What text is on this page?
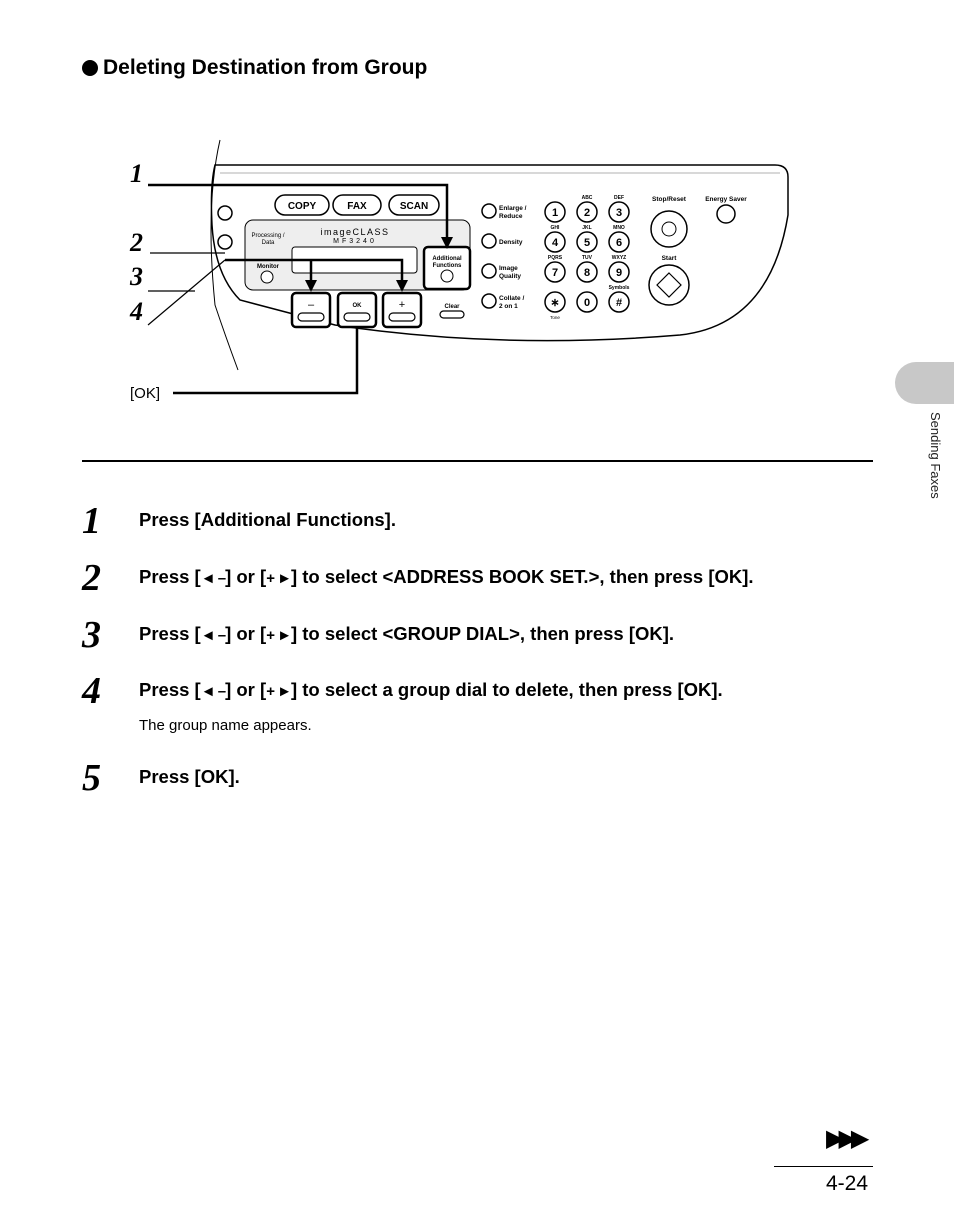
Deleting Destination from Group
COPY	FAX	SCAN
imageCLASS
MF3240
Processing /
Data
Monitor
Additional
Functions
–	OK	+	Clear
Enlarge /
Reduce
Density
Image
Quality
Collate /
2 on 1
1 2
ABC
3
DEF
4
GHI
5
JKL
6
MNO
7
PQRS
8
TUV
9
WXYZ
∗ 0 #
Symbols
Tone
Stop/Reset	Energy Saver
Start
1
2
3
4
[OK]
1 Press [Additional Functions].
2 Press [◄ –] or [+ ►] to select <ADDRESS BOOK SET.>, then press [OK].
3 Press [◄ –] or [+ ►] to select <GROUP DIAL>, then press [OK].
4 Press [◄ –] or [+ ►] to select a group dial to delete, then press [OK].
The group name appears.
5 Press [OK].
Sending Faxes
▶▶▶
4-24
